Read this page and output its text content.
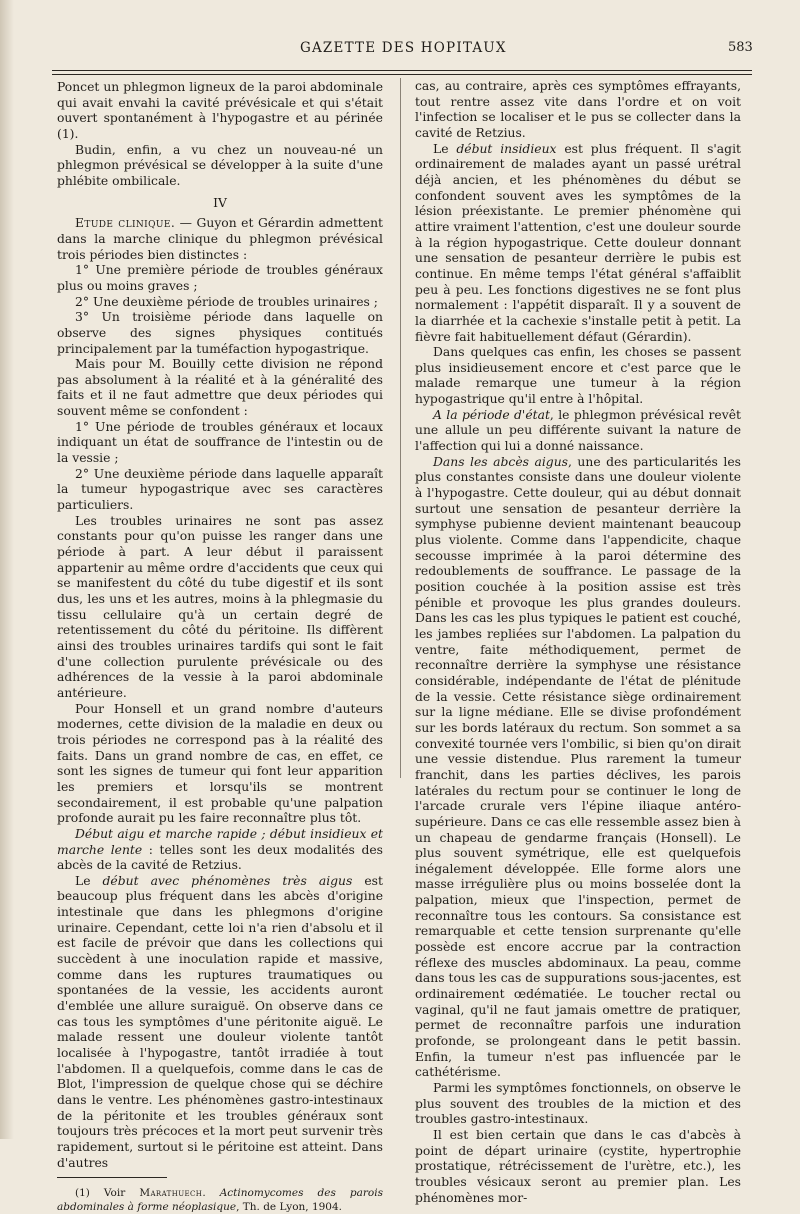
GAZETTE DES HOPITAUX	583

Poncet un phlegmon ligneux de la paroi abdominale qui avait envahi la cavité prévésicale et qui s'était ouvert spontanément à l'hypogastre et au périnée (1).

Budin, enfin, a vu chez un nouveau-né un phlegmon prévésical se développer à la suite d'une phlébite ombilicale.

IV

Etude clinique. — Guyon et Gérardin admettent dans la marche clinique du phlegmon prévésical trois périodes bien distinctes :

1° Une première période de troubles généraux plus ou moins graves ;

2° Une deuxième période de troubles urinaires ;

3° Un troisième période dans laquelle on observe des signes physiques contitués principalement par la tuméfaction hypogastrique.

Mais pour M. Bouilly cette division ne répond pas absolument à la réalité et à la généralité des faits et il ne faut admettre que deux périodes qui souvent même se confondent :

1° Une période de troubles généraux et locaux indiquant un état de souffrance de l'intestin ou de la vessie ;

2° Une deuxième période dans laquelle apparaît la tumeur hypogastrique avec ses caractères particuliers.

Les troubles urinaires ne sont pas assez constants pour qu'on puisse les ranger dans une période à part. A leur début il paraissent appartenir au même ordre d'accidents que ceux qui se manifestent du côté du tube digestif et ils sont dus, les uns et les autres, moins à la phlegmasie du tissu cellulaire qu'à un certain degré de retentissement du côté du péritoine. Ils diffèrent ainsi des troubles urinaires tardifs qui sont le fait d'une collection purulente prévésicale ou des adhérences de la vessie à la paroi abdominale antérieure.

Pour Honsell et un grand nombre d'auteurs modernes, cette division de la maladie en deux ou trois périodes ne correspond pas à la réalité des faits. Dans un grand nombre de cas, en effet, ce sont les signes de tumeur qui font leur apparition les premiers et lorsqu'ils se montrent secondairement, il est probable qu'une palpation profonde aurait pu les faire reconnaître plus tôt.

Début aigu et marche rapide ; début insidieux et marche lente : telles sont les deux modalités des abcès de la cavité de Retzius.

Le début avec phénomènes très aigus est beaucoup plus fréquent dans les abcès d'origine intestinale que dans les phlegmons d'origine urinaire. Cependant, cette loi n'a rien d'absolu et il est facile de prévoir que dans les collections qui succèdent à une inoculation rapide et massive, comme dans les ruptures traumatiques ou spontanées de la vessie, les accidents auront d'emblée une allure suraiguë. On observe dans ce cas tous les symptômes d'une péritonite aiguë. Le malade ressent une douleur violente tantôt localisée à l'hypogastre, tantôt irradiée à tout l'abdomen. Il a quelquefois, comme dans le cas de Blot, l'impression de quelque chose qui se déchire dans le ventre. Les phénomènes gastro-intestinaux de la péritonite et les troubles généraux sont toujours très précoces et la mort peut survenir très rapidement, surtout si le péritoine est atteint. Dans d'autres

(1) Voir Marathuech. Actinomycomes des parois abdominales à forme néoplasique, Th. de Lyon, 1904.

cas, au contraire, après ces symptômes effrayants, tout rentre assez vite dans l'ordre et on voit l'infection se localiser et le pus se collecter dans la cavité de Retzius.

Le début insidieux est plus fréquent. Il s'agit ordinairement de malades ayant un passé urétral déjà ancien, et les phénomènes du début se confondent souvent aves les symptômes de la lésion préexistante. Le premier phénomène qui attire vraiment l'attention, c'est une douleur sourde à la région hypogastrique. Cette douleur donnant une sensation de pesanteur derrière le pubis est continue. En même temps l'état général s'affaiblit peu à peu. Les fonctions digestives ne se font plus normalement : l'appétit disparaît. Il y a souvent de la diarrhée et la cachexie s'installe petit à petit. La fièvre fait habituellement défaut (Gérardin).

Dans quelques cas enfin, les choses se passent plus insidieusement encore et c'est parce que le malade remarque une tumeur à la région hypogastrique qu'il entre à l'hôpital.

A la période d'état, le phlegmon prévésical revêt une allule un peu différente suivant la nature de l'affection qui lui a donné naissance.

Dans les abcès aigus, une des particularités les plus constantes consiste dans une douleur violente à l'hypogastre. Cette douleur, qui au début donnait surtout une sensation de pesanteur derrière la symphyse pubienne devient maintenant beaucoup plus violente. Comme dans l'appendicite, chaque secousse imprimée à la paroi détermine des redoublements de souffrance. Le passage de la position couchée à la position assise est très pénible et provoque les plus grandes douleurs. Dans les cas les plus typiques le patient est couché, les jambes repliées sur l'abdomen. La palpation du ventre, faite méthodiquement, permet de reconnaître derrière la symphyse une résistance considérable, indépendante de l'état de plénitude de la vessie. Cette résistance siège ordinairement sur la ligne médiane. Elle se divise profondément sur les bords latéraux du rectum. Son sommet a sa convexité tournée vers l'ombilic, si bien qu'on dirait une vessie distendue. Plus rarement la tumeur franchit, dans les parties déclives, les parois latérales du rectum pour se continuer le long de l'arcade crurale vers l'épine iliaque antéro-supérieure. Dans ce cas elle ressemble assez bien à un chapeau de gendarme français (Honsell). Le plus souvent symétrique, elle est quelquefois inégalement développée. Elle forme alors une masse irrégulière plus ou moins bosselée dont la palpation, mieux que l'inspection, permet de reconnaître tous les contours. Sa consistance est remarquable et cette tension surprenante qu'elle possède est encore accrue par la contraction réflexe des muscles abdominaux. La peau, comme dans tous les cas de suppurations sous-jacentes, est ordinairement œdématiée. Le toucher rectal ou vaginal, qu'il ne faut jamais omettre de pratiquer, permet de reconnaître parfois une induration profonde, se prolongeant dans le petit bassin. Enfin, la tumeur n'est pas influencée par le cathétérisme.

Parmi les symptômes fonctionnels, on observe le plus souvent des troubles de la miction et des troubles gastro-intestinaux.

Il est bien certain que dans le cas d'abcès à point de départ urinaire (cystite, hypertrophie prostatique, rétrécissement de l'urètre, etc.), les troubles vésicaux seront au premier plan. Les phénomènes mor-
